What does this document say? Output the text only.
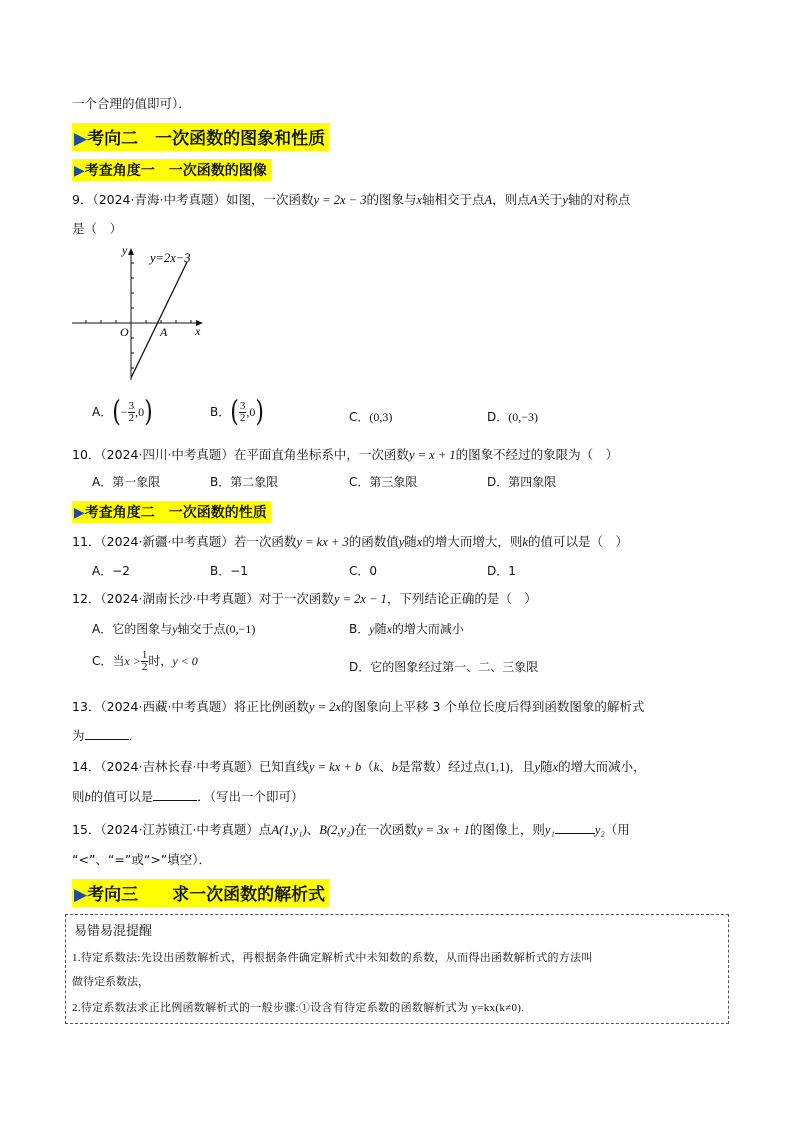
一个合理的值即可）．
▶考向二　一次函数的图象和性质
▶考查角度一　一次函数的图像
9．（2024·青海·中考真题）如图，一次函数y = 2x − 3的图象与x轴相交于点A，则点A关于y轴的对称点
是（　）
y
x
O	A
y=2x−3
A．(− $\frac{3}{2} ,0$)	B．( $\frac{3}{2} ,0$)	C．(0,3)	D．(0,−3)
10．（2024·四川·中考真题）在平面直角坐标系中，一次函数y = x + 1的图象不经过的象限为（　）
A．第一象限	B．第二象限	C．第三象限	D．第四象限
▶考查角度二　一次函数的性质
11．（2024·新疆·中考真题）若一次函数y = kx + 3的函数值y随x的增大而增大，则k的值可以是（　）
A．−2	B．−1	C．0	D．1
12．（2024·湖南长沙·中考真题）对于一次函数y = 2x − 1，下列结论正确的是（　）
A．它的图象与y轴交于点(0,−1)	B．y随x的增大而减小
C．当$x > \frac{1}{2}$ 时，y < 0	D．它的图象经过第一、二、三象限
13．（2024·西藏·中考真题）将正比例函数y = 2x的图象向上平移 3 个单位长度后得到函数图象的解析式
为	．
14．（2024·吉林长春·中考真题）已知直线y = kx + b（k、b是常数）经过点(1,1)，且y随x的增大而减小，
则b的值可以是	．（写出一个即可）
15．（2024·江苏镇江·中考真题）点A(1,y₁)、B(2,y₂)在一次函数y = 3x + 1的图像上，则y₁	y₂（用
“<”、“=”或“>”填空）．
▶考向三　　求一次函数的解析式
易错易混提醒
1.待定系数法:先设出函数解析式，再根据条件确定解析式中未知数的系数，从而得出函数解析式的方法叫
做待定系数法，
2.待定系数法求正比例函数解析式的一般步骤:①设含有待定系数的函数解析式为 y=kx(k≠0).
